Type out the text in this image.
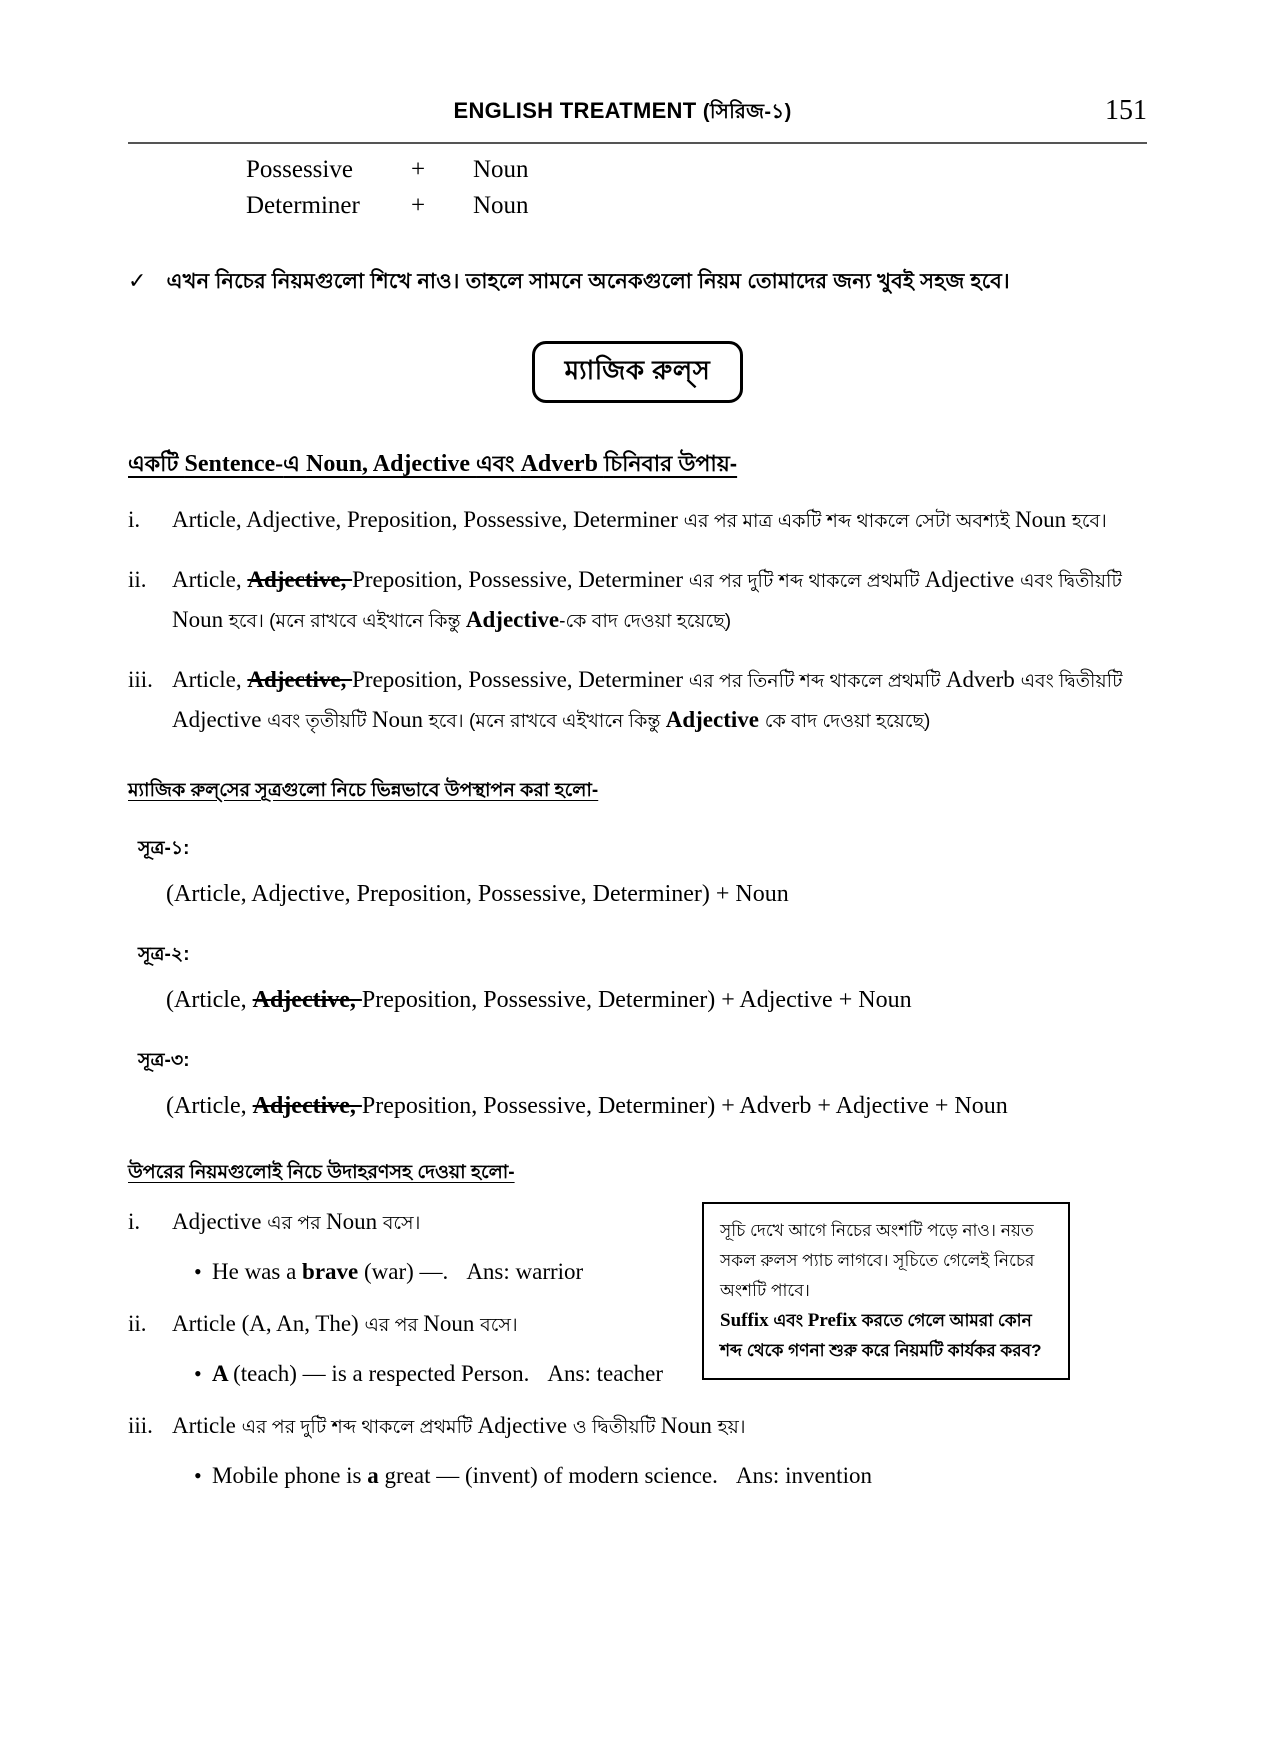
ENGLISH TREATMENT (সিরিজ-১)	151
Possessive	+	Noun
Determiner	+	Noun
✓ এখন নিচের নিয়মগুলো শিখে নাও। তাহলে সামনে অনেকগুলো নিয়ম তোমাদের জন্য খুবই সহজ হবে।
ম্যাজিক রুল্‌স
একটি Sentence-এ Noun, Adjective এবং Adverb চিনিবার উপায়-
i.	Article, Adjective, Preposition, Possessive, Determiner এর পর মাত্র একটি শব্দ থাকলে সেটা অবশ্যই Noun হবে।
ii.	Article, Adjective, Preposition, Possessive, Determiner এর পর দুটি শব্দ থাকলে প্রথমটি Adjective এবং দ্বিতীয়টি Noun হবে। (মনে রাখবে এইখানে কিন্তু Adjective-কে বাদ দেওয়া হয়েছে)
iii. Article, Adjective, Preposition, Possessive, Determiner এর পর তিনটি শব্দ থাকলে প্রথমটি Adverb এবং দ্বিতীয়টি Adjective এবং তৃতীয়টি Noun হবে। (মনে রাখবে এইখানে কিন্তু Adjective কে বাদ দেওয়া হয়েছে)
ম্যাজিক রুল্‌সের সূত্রগুলো নিচে ভিন্নভাবে উপস্থাপন করা হলো-
সূত্র-১:
(Article, Adjective, Preposition, Possessive, Determiner) + Noun
সূত্র-২:
(Article, Adjective, Preposition, Possessive, Determiner) + Adjective + Noun
সূত্র-৩:
(Article, Adjective, Preposition, Possessive, Determiner) + Adverb + Adjective + Noun
উপরের নিয়মগুলোই নিচে উদাহরণসহ দেওয়া হলো-
i.	Adjective এর পর Noun বসে।
• He was a brave (war) —. Ans: warrior
ii.	Article (A, An, The) এর পর Noun বসে।
• A (teach) — is a respected Person. Ans: teacher
iii. Article এর পর দুটি শব্দ থাকলে প্রথমটি Adjective ও দ্বিতীয়টি Noun হয়।
• Mobile phone is a great — (invent) of modern science. Ans: invention
সূচি দেখে আগে নিচের অংশটি পড়ে নাও। নয়ত
সকল রুলস প্যাচ লাগবে। সূচিতে গেলেই নিচের
অংশটি পাবে।
Suffix এবং Prefix করতে গেলে আমরা কোন
শব্দ থেকে গণনা শুরু করে নিয়মটি কার্যকর করব?
